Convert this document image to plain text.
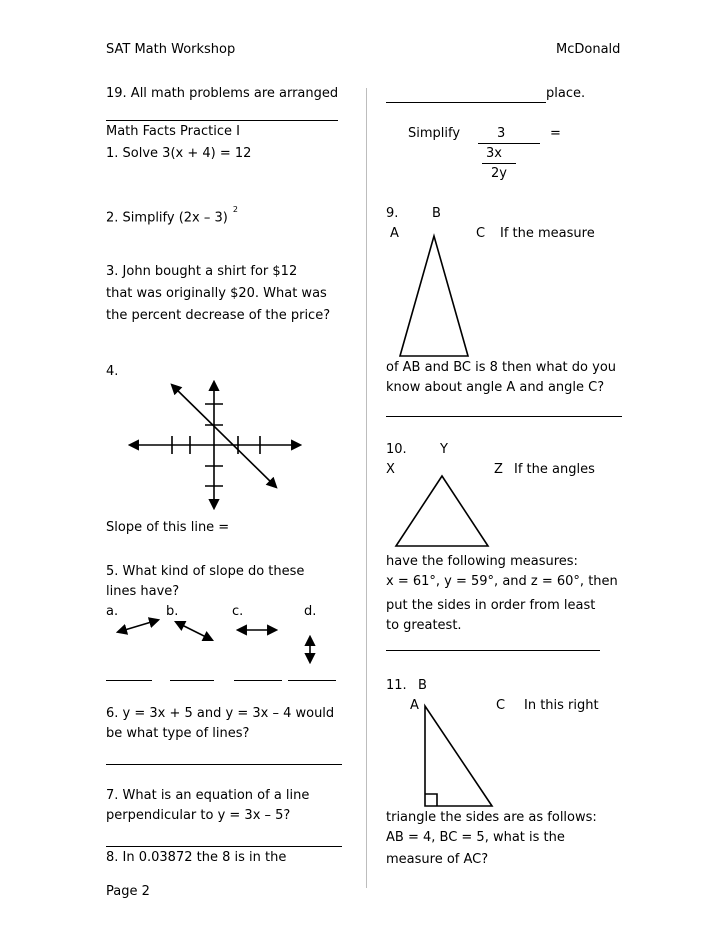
SAT Math Workshop	McDonald
19. All math problems are arranged
Math Facts Practice I
1. Solve 3(x + 4) = 12
2. Simplify (2x – 3)$^2$
3. John bought a shirt for $12
that was originally $20. What was
the percent decrease of the price?
4.
Slope of this line =
5. What kind of slope do these
lines have?
a.	b.	c.	d.
6. y = 3x + 5 and y = 3x – 4 would
be what type of lines?
7. What is an equation of a line
perpendicular to y = 3x – 5?
8. In 0.03872 the 8 is in the
Page 2
place.
Simplify	3	=
3x
2y
9.	B
A	C If the measure
of AB and BC is 8 then what do you
know about angle A and angle C?
10.	Y
X	Z If the angles
have the following measures:
x = 61°, y = 59°, and z = 60°, then
put the sides in order from least
to greatest.
11. B
A	C In this right
triangle the sides are as follows:
AB = 4, BC = 5, what is the
measure of AC?
